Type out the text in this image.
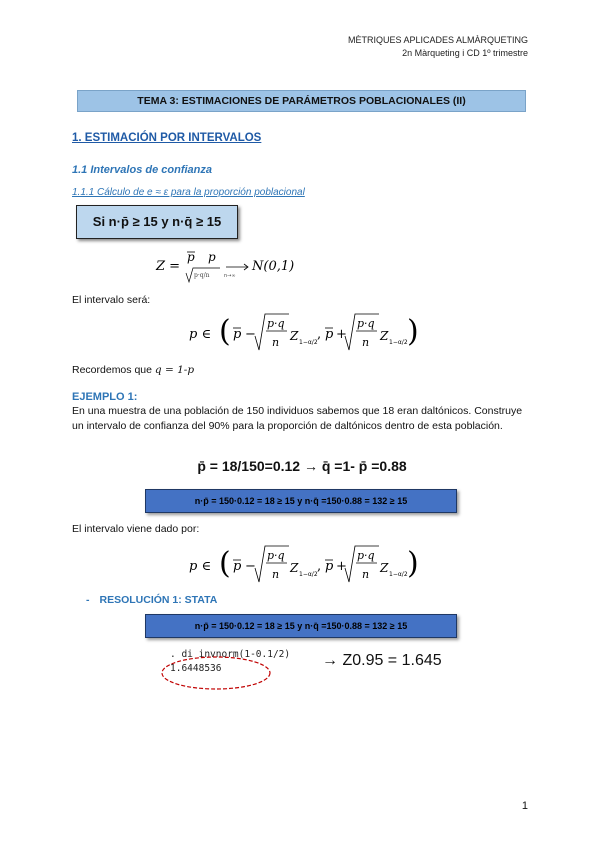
MÈTRIQUES APLICADES ALMÀRQUETING
2n Màrqueting i CD 1º trimestre
TEMA 3: ESTIMACIONES DE PARÁMETROS POBLACIONALES (II)
1. ESTIMACIÓN POR INTERVALOS
1.1 Intervalos de confianza
1.1.1 Cálculo de e ≈ ε para la proporción poblacional
Si n·p̄ ≥ 15 y n·q̄ ≥ 15
Z =
p p
p·q/n	n→∞
N(0,1)
El intervalo será:
p ∈ ( p −
p·q
n Z 1−α/2
, p +
p·q
n Z 1−α/2 )
Recordemos que q = 1-p
EJEMPLO 1:
En una muestra de una población de 150 individuos sabemos que 18 eran daltónicos. Construye un intervalo de confianza del 90% para la proporción de daltónicos dentro de esta población.
p̄ = 18/150=0.12 → q̄ =1- p̄ =0.88
n·p̄ = 150·0.12 = 18 ≥ 15 y n·q̄ =150·0.88 = 132 ≥ 15
El intervalo viene dado por:
p ∈ ( p −
p·q
n Z 1−α/2
, p +
p·q
n Z 1−α/2 )
- RESOLUCIÓN 1: STATA
n·p̄ = 150·0.12 = 18 ≥ 15 y n·q̄ =150·0.88 = 132 ≥ 15
. di invnorm(1-0.1/2)
1.6448536	→ Z0.95 = 1.645
1
